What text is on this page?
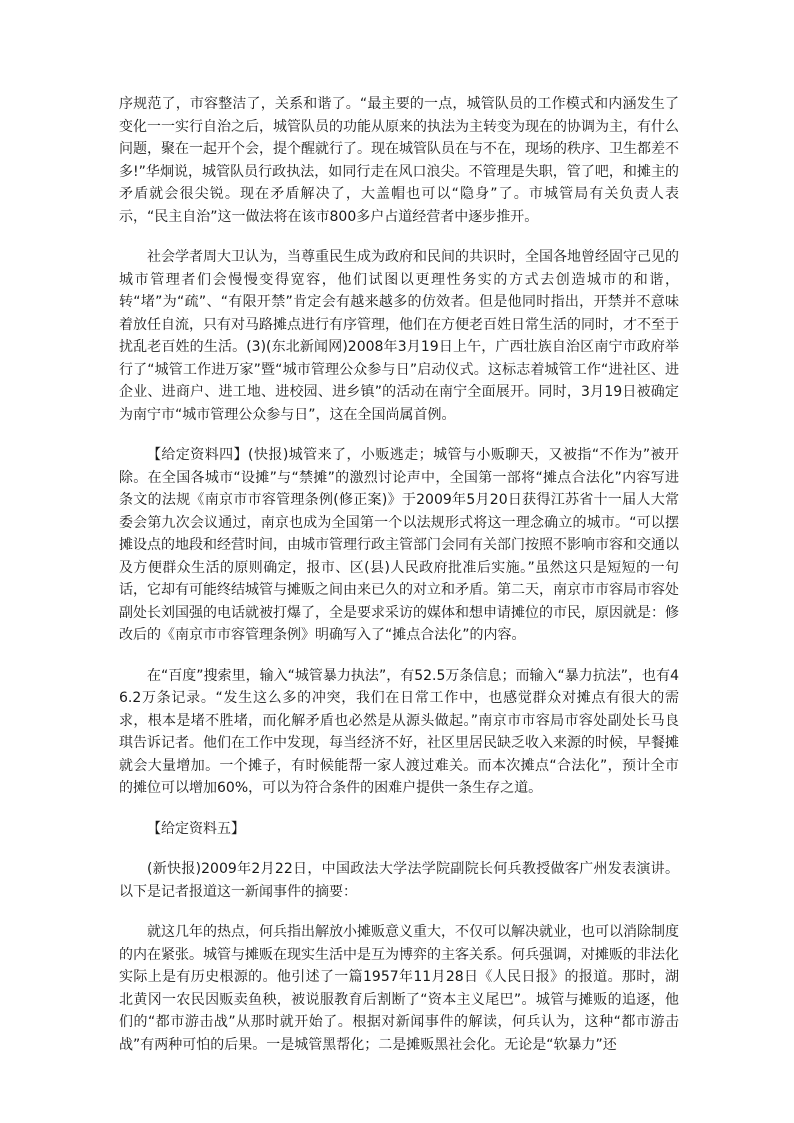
序规范了，市容整洁了，关系和谐了。“最主要的一点，城管队员的工作模式和内涵发生了变化一一实行自治之后，城管队员的功能从原来的执法为主转变为现在的协调为主，有什么问题，聚在一起开个会，提个醒就行了。现在城管队员在与不在，现场的秩序、卫生都差不多!”华炯说，城管队员行政执法，如同行走在风口浪尖。不管理是失职，管了吧，和摊主的矛盾就会很尖锐。现在矛盾解决了，大盖帽也可以“隐身”了。市城管局有关负责人表示，“民主自治”这一做法将在该市800多户占道经营者中逐步推开。

社会学者周大卫认为，当尊重民生成为政府和民间的共识时，全国各地曾经固守己见的城市管理者们会慢慢变得宽容，他们试图以更理性务实的方式去创造城市的和谐，转“堵”为“疏”、“有限开禁”肯定会有越来越多的仿效者。但是他同时指出，开禁并不意味着放任自流，只有对马路摊点进行有序管理，他们在方便老百姓日常生活的同时，才不至于扰乱老百姓的生活。(3)(东北新闻网)2008年3月19日上午，广西壮族自治区南宁市政府举行了“城管工作进万家”暨“城市管理公众参与日”启动仪式。这标志着城管工作“进社区、进企业、进商户、进工地、进校园、进乡镇”的活动在南宁全面展开。同时，3月19日被确定为南宁市“城市管理公众参与日”，这在全国尚属首例。

【给定资料四】(快报)城管来了，小贩逃走；城管与小贩聊天，又被指“不作为”被开除。在全国各城市“设摊”与“禁摊”的激烈讨论声中，全国第一部将“摊点合法化”内容写进条文的法规《南京市市容管理条例(修正案)》于2009年5月20日获得江苏省十一届人大常委会第九次会议通过，南京也成为全国第一个以法规形式将这一理念确立的城市。“可以摆摊设点的地段和经营时间，由城市管理行政主管部门会同有关部门按照不影响市容和交通以及方便群众生活的原则确定，报市、区(县)人民政府批准后实施。”虽然这只是短短的一句话，它却有可能终结城管与摊贩之间由来已久的对立和矛盾。第二天，南京市市容局市容处副处长刘国强的电话就被打爆了，全是要求采访的媒体和想申请摊位的市民，原因就是：修改后的《南京市市容管理条例》明确写入了“摊点合法化”的内容。

在“百度”搜索里，输入“城管暴力执法”，有52.5万条信息；而输入“暴力抗法”，也有46.2万条记录。“发生这么多的冲突，我们在日常工作中，也感觉群众对摊点有很大的需求，根本是堵不胜堵，而化解矛盾也必然是从源头做起。”南京市市容局市容处副处长马良琪告诉记者。他们在工作中发现，每当经济不好，社区里居民缺乏收入来源的时候，早餐摊就会大量增加。一个摊子，有时候能帮一家人渡过难关。而本次摊点“合法化”，预计全市的摊位可以增加60%，可以为符合条件的困难户提供一条生存之道。

【给定资料五】

(新快报)2009年2月22日，中国政法大学法学院副院长何兵教授做客广州发表演讲。以下是记者报道这一新闻事件的摘要：

就这几年的热点，何兵指出解放小摊贩意义重大，不仅可以解决就业，也可以消除制度的内在紧张。城管与摊贩在现实生活中是互为博弈的主客关系。何兵强调，对摊贩的非法化实际上是有历史根源的。他引述了一篇1957年11月28日《人民日报》的报道。那时，湖北黄冈一农民因贩卖鱼秧，被说服教育后割断了“资本主义尾巴”。城管与摊贩的追逐，他们的“都市游击战”从那时就开始了。根据对新闻事件的解读，何兵认为，这种“都市游击战”有两种可怕的后果。一是城管黑帮化；二是摊贩黑社会化。无论是“软暴力”还
